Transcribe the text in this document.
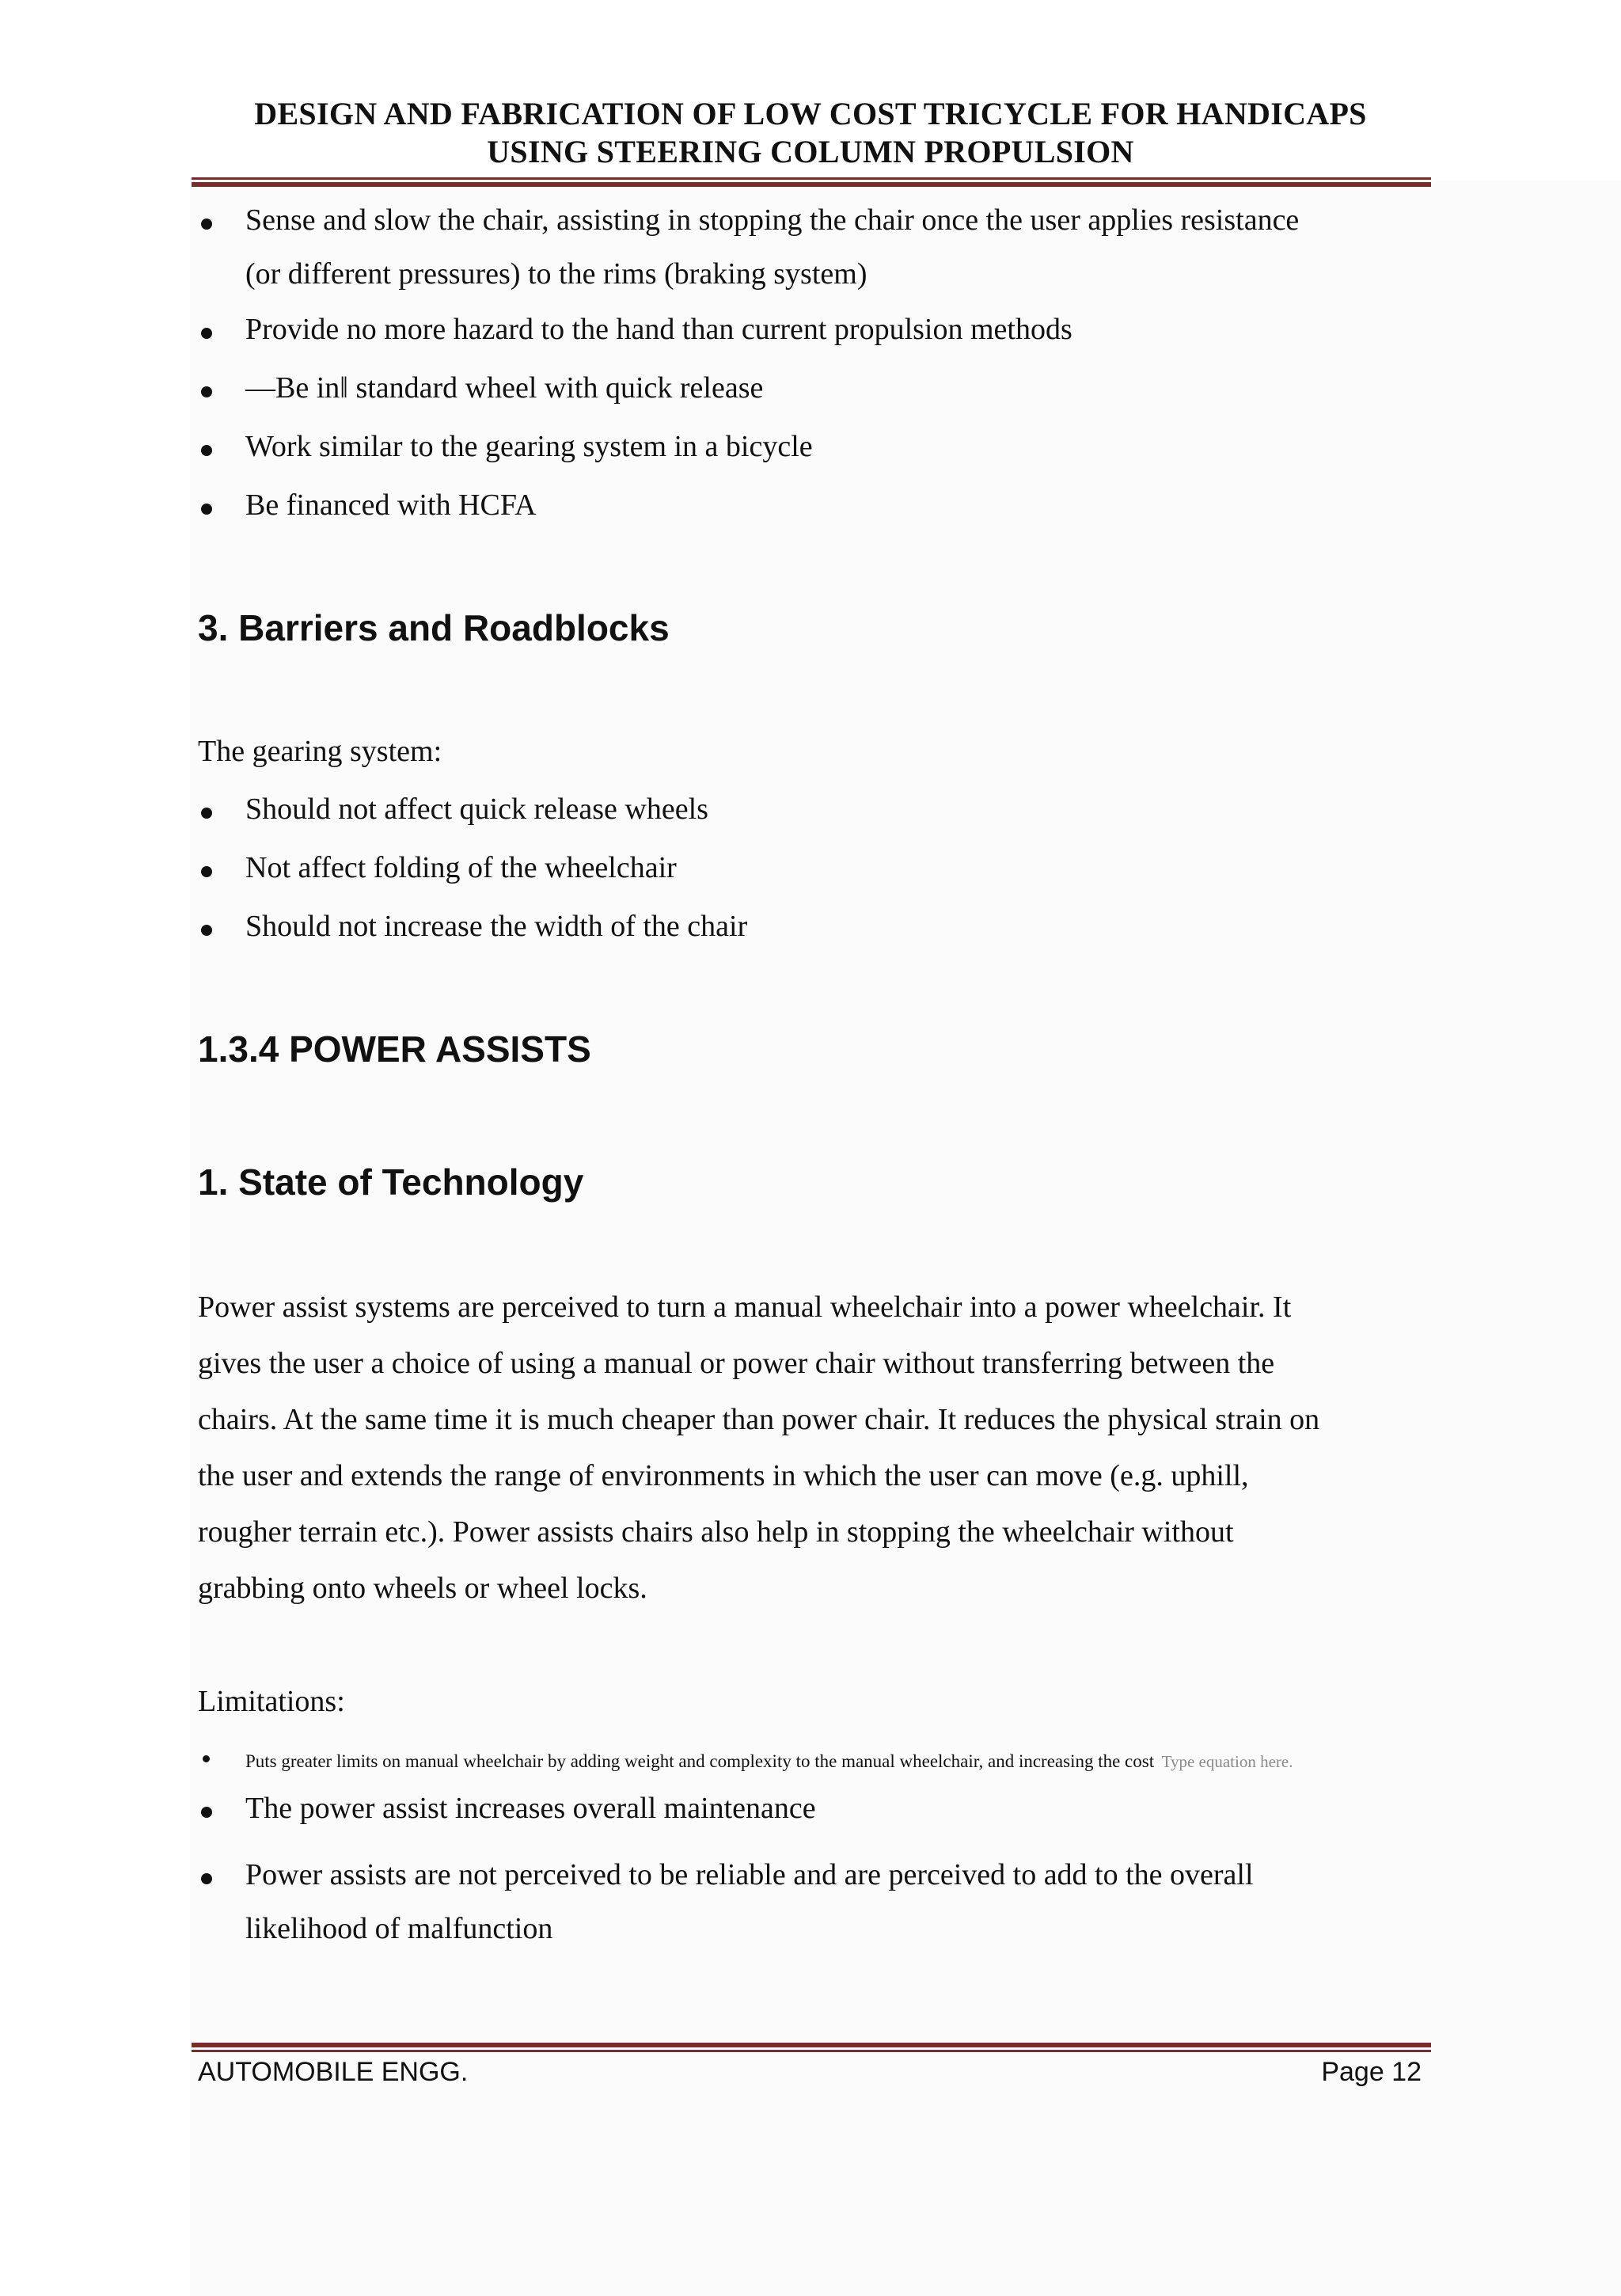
DESIGN AND FABRICATION OF LOW COST TRICYCLE FOR HANDICAPS
USING STEERING COLUMN PROPULSION
Sense and slow the chair, assisting in stopping the chair once the user applies resistance
(or different pressures) to the rims (braking system)
Provide no more hazard to the hand than current propulsion methods
—Be in‖ standard wheel with quick release
Work similar to the gearing system in a bicycle
Be financed with HCFA
3. Barriers and Roadblocks
The gearing system:
Should not affect quick release wheels
Not affect folding of the wheelchair
Should not increase the width of the chair
1.3.4 POWER ASSISTS
1. State of Technology
Power assist systems are perceived to turn a manual wheelchair into a power wheelchair. It
gives the user a choice of using a manual or power chair without transferring between the
chairs. At the same time it is much cheaper than power chair. It reduces the physical strain on
the user and extends the range of environments in which the user can move (e.g. uphill,
rougher terrain etc.). Power assists chairs also help in stopping the wheelchair without
grabbing onto wheels or wheel locks.
Limitations:
Puts greater limits on manual wheelchair by adding weight and complexity to the manual wheelchair, and increasing the cost Type equation here.
The power assist increases overall maintenance
Power assists are not perceived to be reliable and are perceived to add to the overall
likelihood of malfunction
AUTOMOBILE ENGG.	Page 12
